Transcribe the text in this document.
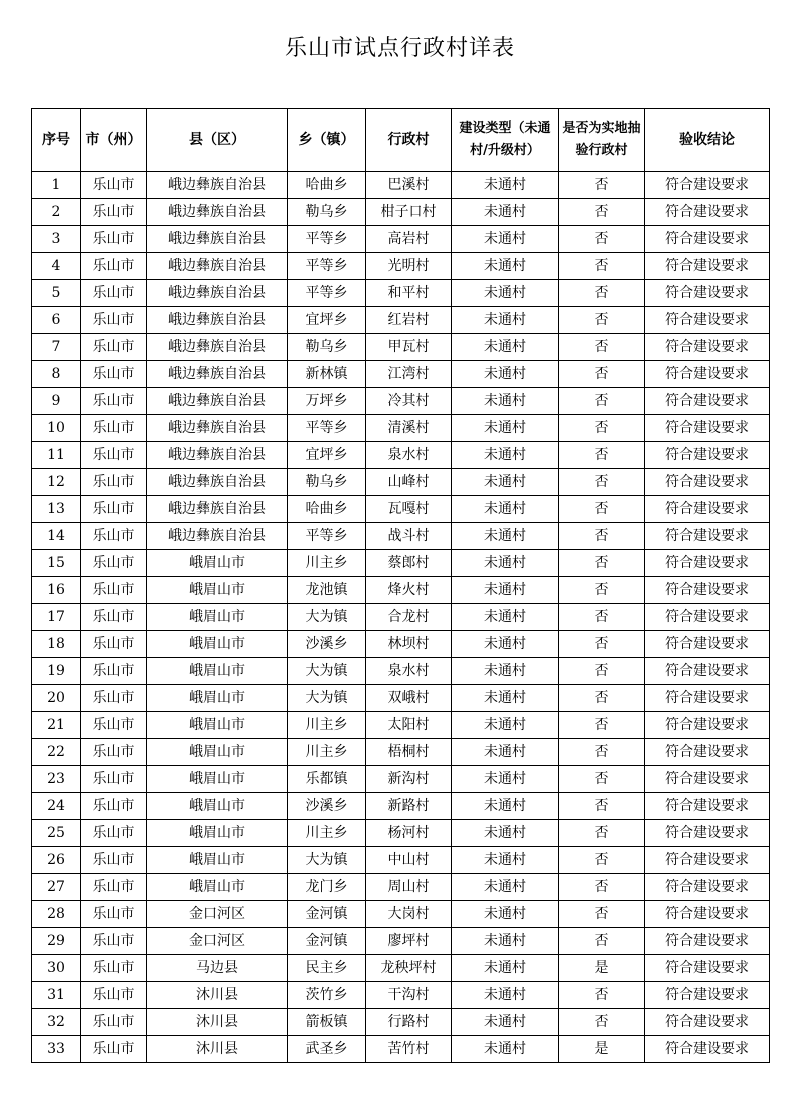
乐山市试点行政村详表
序号	市（州）	县（区）	乡（镇）	行政村	建设类型（未通村/升级村）	是否为实地抽验行政村	验收结论
1	乐山市	峨边彝族自治县	哈曲乡	巴溪村	未通村	否	符合建设要求
2	乐山市	峨边彝族自治县	勒乌乡	柑子口村	未通村	否	符合建设要求
3	乐山市	峨边彝族自治县	平等乡	高岩村	未通村	否	符合建设要求
4	乐山市	峨边彝族自治县	平等乡	光明村	未通村	否	符合建设要求
5	乐山市	峨边彝族自治县	平等乡	和平村	未通村	否	符合建设要求
6	乐山市	峨边彝族自治县	宜坪乡	红岩村	未通村	否	符合建设要求
7	乐山市	峨边彝族自治县	勒乌乡	甲瓦村	未通村	否	符合建设要求
8	乐山市	峨边彝族自治县	新林镇	江湾村	未通村	否	符合建设要求
9	乐山市	峨边彝族自治县	万坪乡	冷其村	未通村	否	符合建设要求
10	乐山市	峨边彝族自治县	平等乡	清溪村	未通村	否	符合建设要求
11	乐山市	峨边彝族自治县	宜坪乡	泉水村	未通村	否	符合建设要求
12	乐山市	峨边彝族自治县	勒乌乡	山峰村	未通村	否	符合建设要求
13	乐山市	峨边彝族自治县	哈曲乡	瓦嘎村	未通村	否	符合建设要求
14	乐山市	峨边彝族自治县	平等乡	战斗村	未通村	否	符合建设要求
15	乐山市	峨眉山市	川主乡	蔡郎村	未通村	否	符合建设要求
16	乐山市	峨眉山市	龙池镇	烽火村	未通村	否	符合建设要求
17	乐山市	峨眉山市	大为镇	合龙村	未通村	否	符合建设要求
18	乐山市	峨眉山市	沙溪乡	林坝村	未通村	否	符合建设要求
19	乐山市	峨眉山市	大为镇	泉水村	未通村	否	符合建设要求
20	乐山市	峨眉山市	大为镇	双峨村	未通村	否	符合建设要求
21	乐山市	峨眉山市	川主乡	太阳村	未通村	否	符合建设要求
22	乐山市	峨眉山市	川主乡	梧桐村	未通村	否	符合建设要求
23	乐山市	峨眉山市	乐都镇	新沟村	未通村	否	符合建设要求
24	乐山市	峨眉山市	沙溪乡	新路村	未通村	否	符合建设要求
25	乐山市	峨眉山市	川主乡	杨河村	未通村	否	符合建设要求
26	乐山市	峨眉山市	大为镇	中山村	未通村	否	符合建设要求
27	乐山市	峨眉山市	龙门乡	周山村	未通村	否	符合建设要求
28	乐山市	金口河区	金河镇	大岗村	未通村	否	符合建设要求
29	乐山市	金口河区	金河镇	廖坪村	未通村	否	符合建设要求
30	乐山市	马边县	民主乡	龙秧坪村	未通村	是	符合建设要求
31	乐山市	沐川县	茨竹乡	干沟村	未通村	否	符合建设要求
32	乐山市	沐川县	箭板镇	行路村	未通村	否	符合建设要求
33	乐山市	沐川县	武圣乡	苦竹村	未通村	是	符合建设要求
